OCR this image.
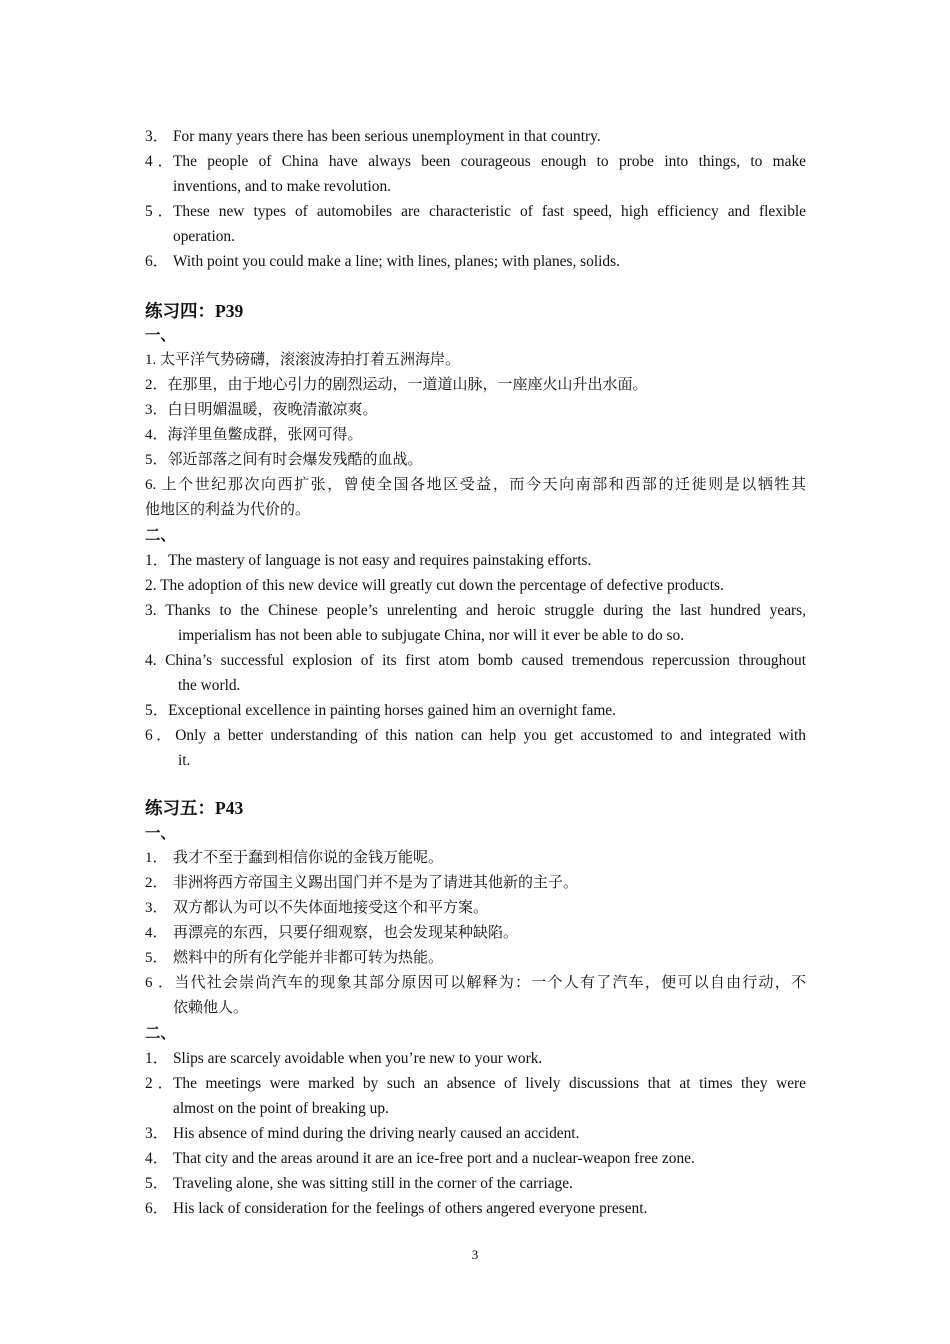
3． For many years there has been serious unemployment in that country.
4．The people of China have always been courageous enough to probe into things, to make
inventions, and to make revolution.
5．These new types of automobiles are characteristic of fast speed, high efficiency and flexible
operation.
6． With point you could make a line; with lines, planes; with planes, solids.
练习四：P39
一、
1. 太平洋气势磅礴，滚滚波涛拍打着五洲海岸。
2．在那里，由于地心引力的剧烈运动，一道道山脉，一座座火山升出水面。
3．白日明媚温暖，夜晚清澈凉爽。
4．海洋里鱼鳖成群，张网可得。
5．邻近部落之间有时会爆发残酷的血战。
6. 上个世纪那次向西扩张，曾使全国各地区受益，而今天向南部和西部的迁徙则是以牺牲其
他地区的利益为代价的。
二、
1．The mastery of language is not easy and requires painstaking efforts.
2. The adoption of this new device will greatly cut down the percentage of defective products.
3. Thanks to the Chinese people’s unrelenting and heroic struggle during the last hundred years,
imperialism has not been able to subjugate China, nor will it ever be able to do so.
4. China’s successful explosion of its first atom bomb caused tremendous repercussion throughout
the world.
5．Exceptional excellence in painting horses gained him an overnight fame.
6．Only a better understanding of this nation can help you get accustomed to and integrated with
it.
练习五：P43
一、
1． 我才不至于蠢到相信你说的金钱万能呢。
2． 非洲将西方帝国主义踢出国门并不是为了请进其他新的主子。
3． 双方都认为可以不失体面地接受这个和平方案。
4． 再漂亮的东西，只要仔细观察，也会发现某种缺陷。
5． 燃料中的所有化学能并非都可转为热能。
6．当代社会崇尚汽车的现象其部分原因可以解释为：一个人有了汽车，便可以自由行动，不
依赖他人。
二、
1． Slips are scarcely avoidable when you’re new to your work.
2．The meetings were marked by such an absence of lively discussions that at times they were
almost on the point of breaking up.
3． His absence of mind during the driving nearly caused an accident.
4． That city and the areas around it are an ice-free port and a nuclear-weapon free zone.
5． Traveling alone, she was sitting still in the corner of the carriage.
6． His lack of consideration for the feelings of others angered everyone present.
3
